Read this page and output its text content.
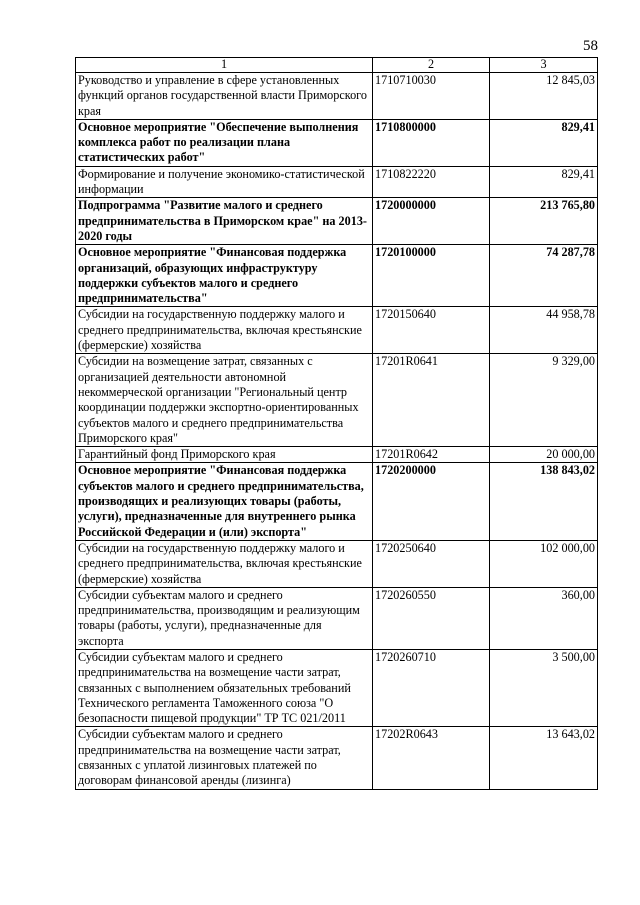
58
1	2	3
Руководство и управление в сфере установленных функций органов государственной власти Приморского края	1710710030	12 845,03
Основное мероприятие "Обеспечение выполнения комплекса работ по реализации плана статистических работ"	1710800000	829,41
Формирование и получение экономико-статистической информации	1710822220	829,41
Подпрограмма "Развитие малого и среднего предпринимательства в Приморском крае" на 2013-2020 годы	1720000000	213 765,80
Основное мероприятие "Финансовая поддержка организаций, образующих инфраструктуру поддержки субъектов малого и среднего предпринимательства"	1720100000	74 287,78
Субсидии на государственную поддержку малого и среднего предпринимательства, включая крестьянские (фермерские) хозяйства	1720150640	44 958,78
Субсидии на возмещение затрат, связанных с организацией деятельности автономной некоммерческой организации "Региональный центр координации поддержки экспортно-ориентированных субъектов малого и среднего предпринимательства Приморского края"	17201R0641	9 329,00
Гарантийный фонд Приморского края	17201R0642	20 000,00
Основное мероприятие "Финансовая поддержка субъектов малого и среднего предпринимательства, производящих и реализующих товары (работы, услуги), предназначенные для внутреннего рынка Российской Федерации и (или) экспорта"	1720200000	138 843,02
Субсидии на государственную поддержку малого и среднего предпринимательства, включая крестьянские (фермерские) хозяйства	1720250640	102 000,00
Субсидии субъектам малого и среднего предпринимательства, производящим и реализующим товары (работы, услуги), предназначенные для экспорта	1720260550	360,00
Субсидии субъектам малого и среднего предпринимательства на возмещение части затрат, связанных с выполнением обязательных требований Технического регламента Таможенного союза "О безопасности пищевой продукции" ТР ТС 021/2011	1720260710	3 500,00
Субсидии субъектам малого и среднего предпринимательства на возмещение части затрат, связанных с уплатой лизинговых платежей по договорам финансовой аренды (лизинга)	17202R0643	13 643,02
